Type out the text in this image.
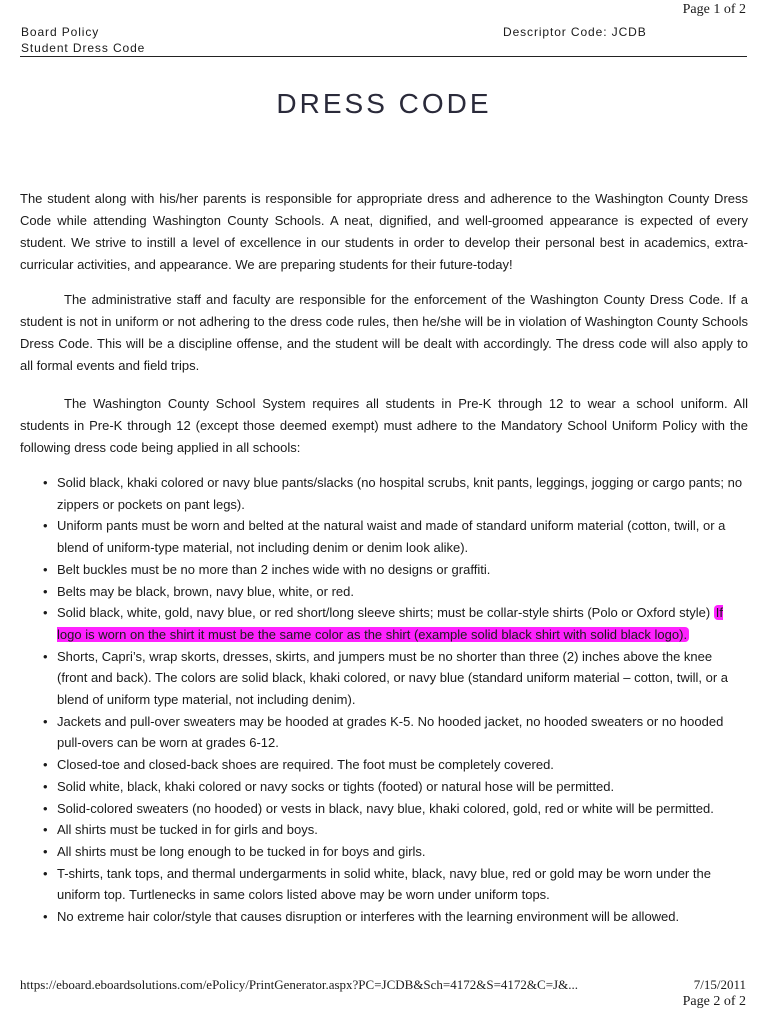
Page 1 of 2
Board Policy
Student Dress Code
Descriptor Code: JCDB
DRESS CODE

The student along with his/her parents is responsible for appropriate dress and adherence to the Washington County Dress Code while attending Washington County Schools. A neat, dignified, and well-groomed appearance is expected of every student. We strive to instill a level of excellence in our students in order to develop their personal best in academics, extra-curricular activities, and appearance. We are preparing students for their future-today!

The administrative staff and faculty are responsible for the enforcement of the Washington County Dress Code. If a student is not in uniform or not adhering to the dress code rules, then he/she will be in violation of Washington County Schools Dress Code. This will be a discipline offense, and the student will be dealt with accordingly. The dress code will also apply to all formal events and field trips.

The Washington County School System requires all students in Pre-K through 12 to wear a school uniform. All students in Pre-K through 12 (except those deemed exempt) must adhere to the Mandatory School Uniform Policy with the following dress code being applied in all schools:

• Solid black, khaki colored or navy blue pants/slacks (no hospital scrubs, knit pants, leggings, jogging or cargo pants; no zippers or pockets on pant legs).
• Uniform pants must be worn and belted at the natural waist and made of standard uniform material (cotton, twill, or a blend of uniform-type material, not including denim or denim look alike).
• Belt buckles must be no more than 2 inches wide with no designs or graffiti.
• Belts may be black, brown, navy blue, white, or red.
• Solid black, white, gold, navy blue, or red short/long sleeve shirts; must be collar-style shirts (Polo or Oxford style) If logo is worn on the shirt it must be the same color as the shirt (example solid black shirt with solid black logo).
• Shorts, Capri’s, wrap skorts, dresses, skirts, and jumpers must be no shorter than three (2) inches above the knee (front and back). The colors are solid black, khaki colored, or navy blue (standard uniform material – cotton, twill, or a blend of uniform type material, not including denim).
• Jackets and pull-over sweaters may be hooded at grades K-5. No hooded jacket, no hooded sweaters or no hooded pull-overs can be worn at grades 6-12.
• Closed-toe and closed-back shoes are required. The foot must be completely covered.
• Solid white, black, khaki colored or navy socks or tights (footed) or natural hose will be permitted.
• Solid-colored sweaters (no hooded) or vests in black, navy blue, khaki colored, gold, red or white will be permitted.
• All shirts must be tucked in for girls and boys.
• All shirts must be long enough to be tucked in for boys and girls.
• T-shirts, tank tops, and thermal undergarments in solid white, black, navy blue, red or gold may be worn under the uniform top. Turtlenecks in same colors listed above may be worn under uniform tops.
• No extreme hair color/style that causes disruption or interferes with the learning environment will be allowed.
https://eboard.eboardsolutions.com/ePolicy/PrintGenerator.aspx?PC=JCDB&Sch=4172&S=4172&C=J&...	7/15/2011
Page 2 of 2
